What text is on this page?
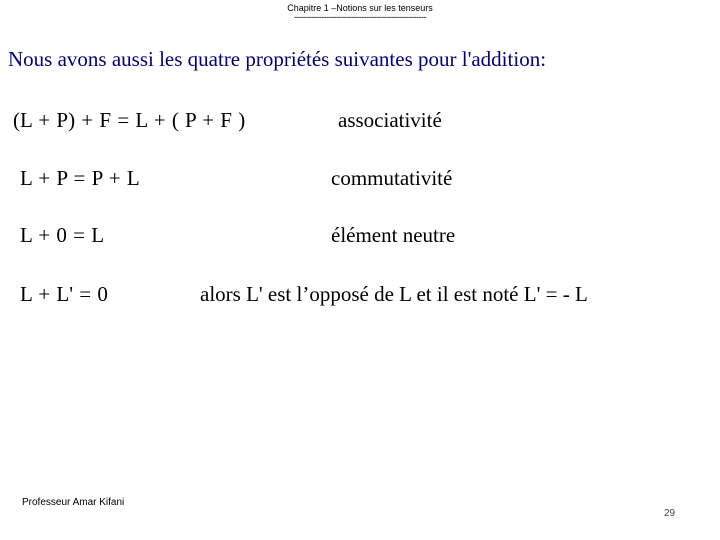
Chapitre 1 –Notions sur les tenseurs
-----------------------------------------------------
Nous avons aussi les quatre propriétés suivantes pour l'addition:
(L + P) + F = L + ( P + F )	associativité
L + P = P + L	commutativité
L + 0 = L	élément neutre
L + L' = 0	alors L' est l’opposé de L et il est noté L' = - L
Professeur Amar Kifani
29
